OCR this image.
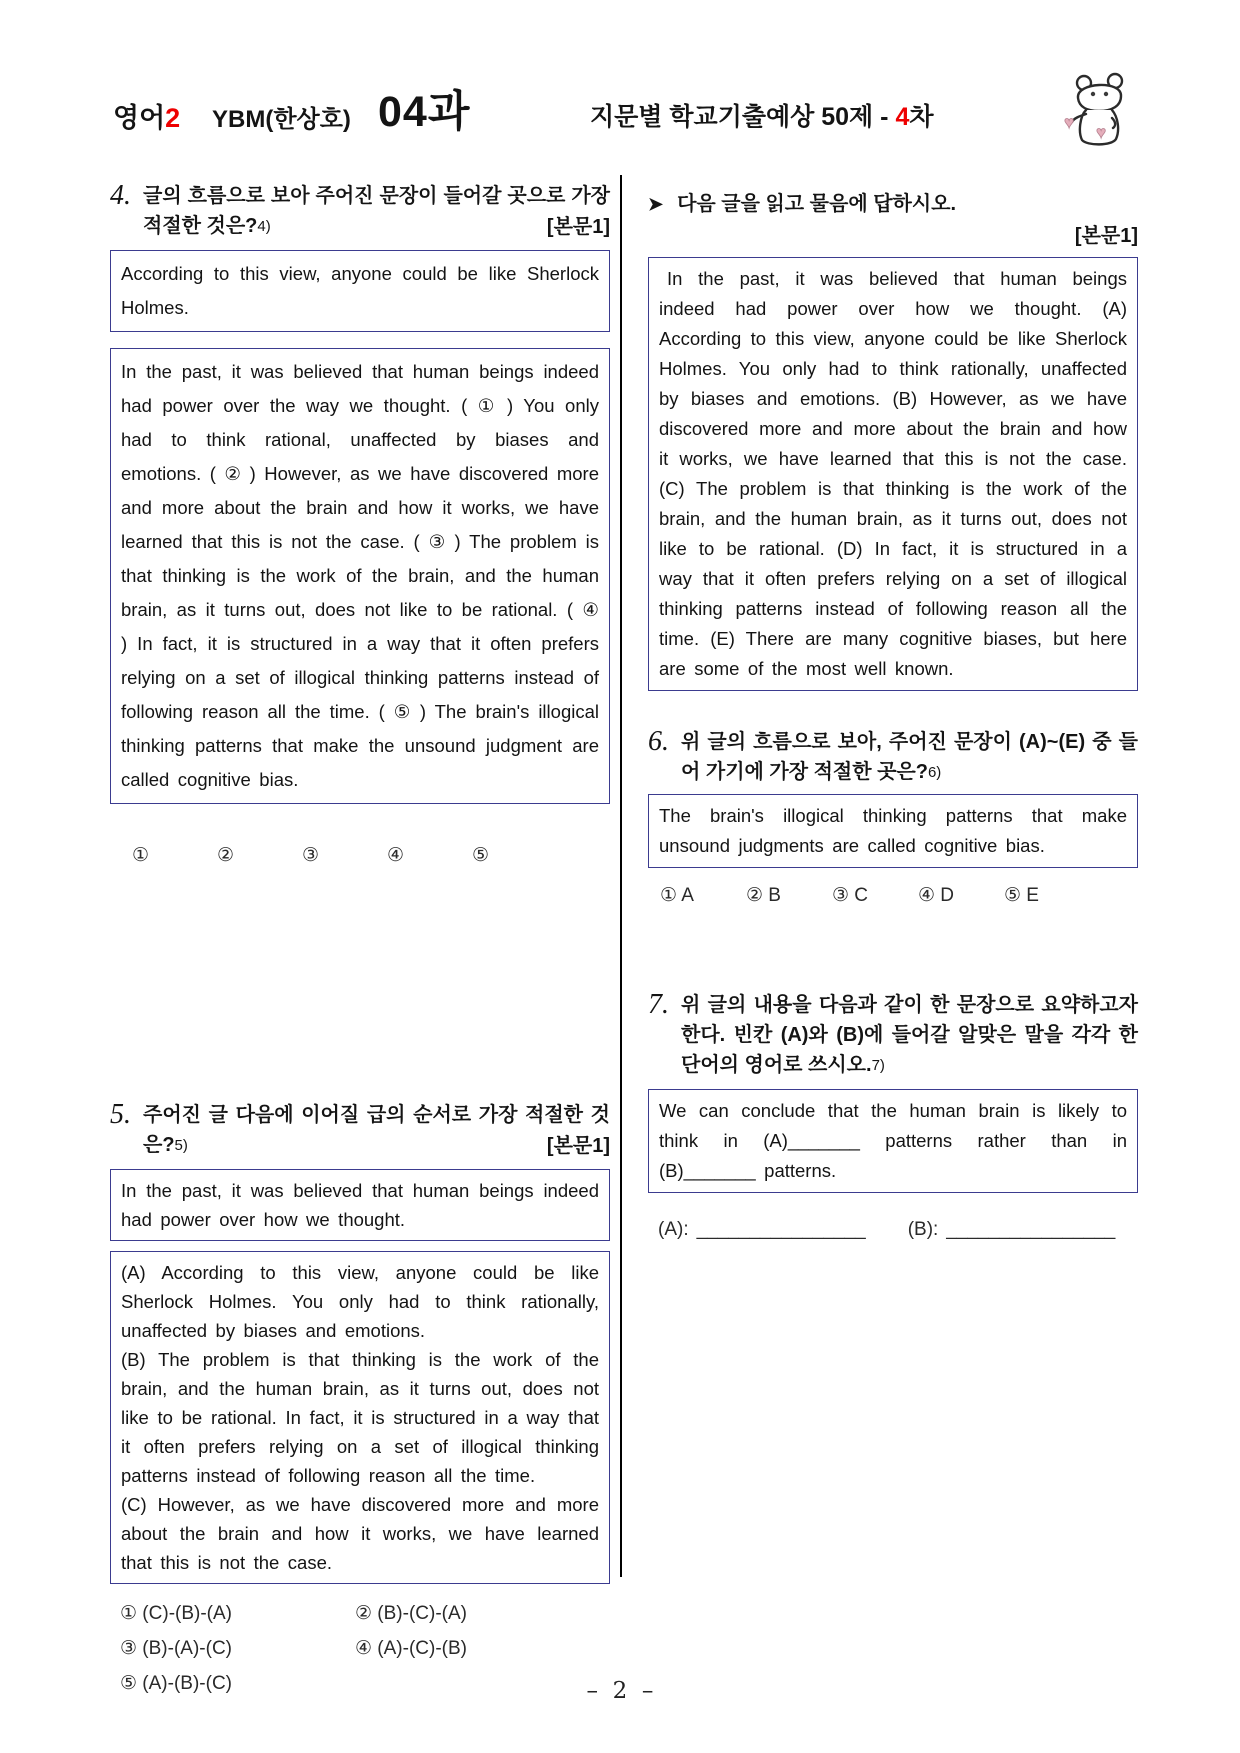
영어2 YBM(한상호) 04과	지문별 학교기출예상 50제 - 4차	♥
♥
4. 글의 흐름으로 보아 주어진 문장이 들어갈 곳으로 가장 적절한 것은?4)	[본문1]

According to this view, anyone could be like Sherlock Holmes.

In the past, it was believed that human beings indeed had power over the way we thought. ( ① ) You only had to think rational, unaffected by biases and emotions. ( ② ) However, as we have discovered more and more about the brain and how it works, we have learned that this is not the case. ( ③ ) The problem is that thinking is the work of the brain, and the human brain, as it turns out, does not like to be rational. ( ④ ) In fact, it is structured in a way that it often prefers relying on a set of illogical thinking patterns instead of following reason all the time. ( ⑤ ) The brain's illogical thinking patterns that make the unsound judgment are called cognitive bias.

①	②	③	④	⑤
5. 주어진 글 다음에 이어질 급의 순서로 가장 적절한 것은?5)	[본문1]

In the past, it was believed that human beings indeed had power over how we thought.

(A) According to this view, anyone could be like Sherlock Holmes. You only had to think rationally, unaffected by biases and emotions.

(B) The problem is that thinking is the work of the brain, and the human brain, as it turns out, does not like to be rational. In fact, it is structured in a way that it often prefers relying on a set of illogical thinking patterns instead of following reason all the time.

(C) However, as we have discovered more and more about the brain and how it works, we have learned that this is not the case.

① (C)-(B)-(A)	② (B)-(C)-(A)
③ (B)-(A)-(C)	④ (A)-(C)-(B)
⑤ (A)-(B)-(C)
➤ 다음 글을 읽고 물음에 답하시오.
[본문1]

In the past, it was believed that human beings indeed had power over how we thought. (A) According to this view, anyone could be like Sherlock Holmes. You only had to think rationally, unaffected by biases and emotions. (B) However, as we have discovered more and more about the brain and how it works, we have learned that this is not the case. (C) The problem is that thinking is the work of the brain, and the human brain, as it turns out, does not like to be rational. (D) In fact, it is structured in a way that it often prefers relying on a set of illogical thinking patterns instead of following reason all the time. (E) There are many cognitive biases, but here are some of the most well known.

6. 위 글의 흐름으로 보아, 주어진 문장이 (A)~(E) 중 들어 가기에 가장 적절한 곳은?6)

The brain's illogical thinking patterns that make unsound judgments are called cognitive bias.

① A	② B	③ C	④ D	⑤ E
7. 위 글의 내용을 다음과 같이 한 문장으로 요약하고자 한다. 빈칸 (A)와 (B)에 들어갈 알맞은 말을 각각 한 단어의 영어로 쓰시오.7)

We can conclude that the human brain is likely to think in (A)_______ patterns rather than in (B)_______ patterns.

(A): ________________ (B): ________________
–  2  –
